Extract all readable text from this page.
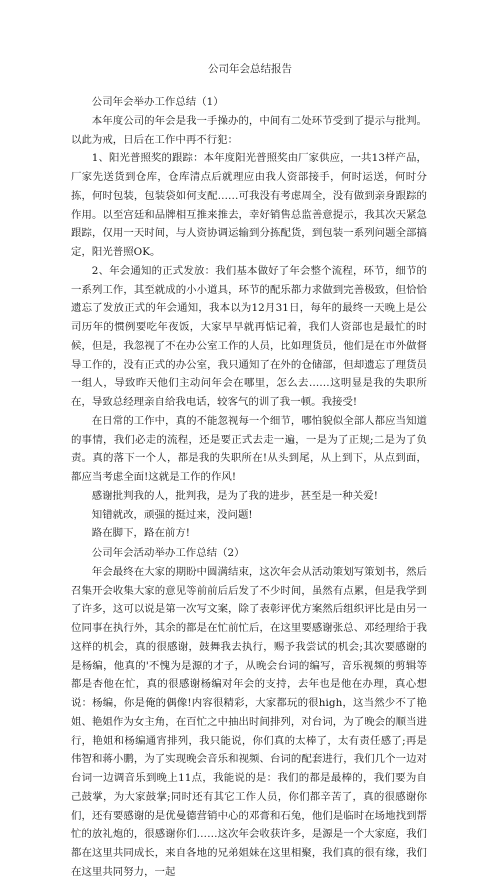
公司年会总结报告

公司年会举办工作总结（1）

本年度公司的年会是我一手操办的，中间有二处环节受到了提示与批判。以此为戒，日后在工作中再不行犯：

1、阳光普照奖的跟踪：本年度阳光普照奖由厂家供应，一共13样产品，厂家先送货到仓库，仓库清点后就理应由我人资部接手，何时运送，何时分拣，何时包装，包装袋如何支配……可我没有考虑周全，没有做到亲身跟踪的作用。以至宫廷和品牌相互推来推去，幸好销售总监善意提示，我其次天紧急跟踪，仅用一天时间，与人资协调运输到分拣配货，到包装一系列问题全部搞定，阳光普照OK。

2、年会通知的正式发放：我们基本做好了年会整个流程，环节，细节的一系列工作，其至就成的小小道具，环节的配乐都力求做到完善极致，但恰恰遗忘了发放正式的年会通知，我本以为12月31日，每年的最终一天晚上是公司历年的惯例要吃年夜饭，大家早早就再惦记着，我们人资部也是最忙的时候，但是，我忽视了不在办公室工作的人员，比如理货员，他们是在市外做督导工作的，没有正式的办公室，我只通知了在外的仓储部，但却遗忘了理货员一组人，导致昨天他们主动问年会在哪里，怎么去……这明显是我的失职所在，导致总经理亲自给我电话，较客气的训了我一顿。我接受!

在日常的工作中，真的不能忽视每一个细节，哪怕貌似全部人都应当知道的事情，我们必走的流程，还是要正式去走一遍，一是为了正规;二是为了负责。真的落下一个人，都是我的失职所在!从头到尾，从上到下，从点到面，都应当考虑全面!这就是工作的作风!

感谢批判我的人，批判我，是为了我的进步，甚至是一种关爱!

知错就改，顽强的挺过来，没问题!

路在脚下，路在前方!

公司年会活动举办工作总结（2）

年会最终在大家的期盼中圆满结束，这次年会从活动策划写策划书，然后召集开会收集大家的意见等前前后后发了不少时间，虽然有点累，但是我学到了许多，这可以说是第一次写文案，除了表彰评优方案然后组织评比是由另一位同事在执行外，其余的都是在忙前忙后，在这里要感谢张总、邓经理给于我这样的机会，真的很感谢，鼓舞我去执行，赐予我尝试的机会;其次要感谢的是杨编，他真的'不愧为是源的才子，从晚会台词的编写，音乐视频的剪辑等都是杏他在忙，真的很感谢杨编对年会的支持，去年也是他在办理，真心想说：杨编，你是俺的偶像!内容很精彩，大家都玩的很high，这当然少不了艳姐、艳姐作为女主角，在百忙之中抽出时间排列，对台词，为了晚会的顺当进行，艳姐和杨编通宵排列，我只能说，你们真的太棒了，太有责任感了;再是伟智和蒋小鹏，为了实现晚会音乐和视频、台词的配套进行，我们几个一边对台词一边调音乐到晚上11点，我能说的是：我们的都是最棒的，我们要为自己鼓掌，为大家鼓掌;同时还有其它工作人员，你们都辛苦了，真的很感谢你们，还有要感谢的是优曼德营销中心的邓膏和石兔，他们是临时在场地找到帮忙的放礼炮的，很感谢你们……这次年会收获许多，是源是一个大家庭，我们都在这里共同成长，来自各地的兄弟姐妹在这里相聚，我们真的很有缘，我们在这里共同努力，一起
